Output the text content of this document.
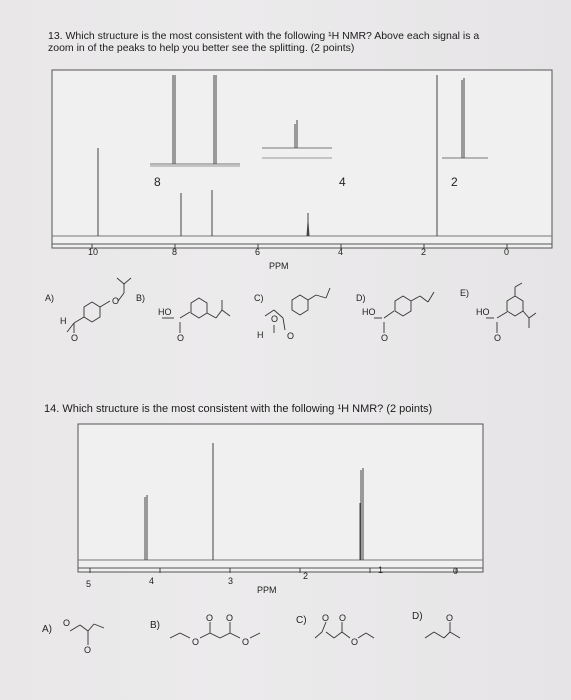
13. Which structure is the most consistent with the following ¹H NMR? Above each signal is a
zoom in of the peaks to help you better see the splitting. (2 points)
8	4	2
10	8	6	4	2	0
PPM
A)
H
O
O B)
HO
O
C)
O
H	O
D)
HO
O
E)
HO
O
14. Which structure is the most consistent with the following ¹H NMR? (2 points)
5	4	3	2
1	0
PPM
A)
O
O
B)
O
O O
O
C) O O
O
D)	O
